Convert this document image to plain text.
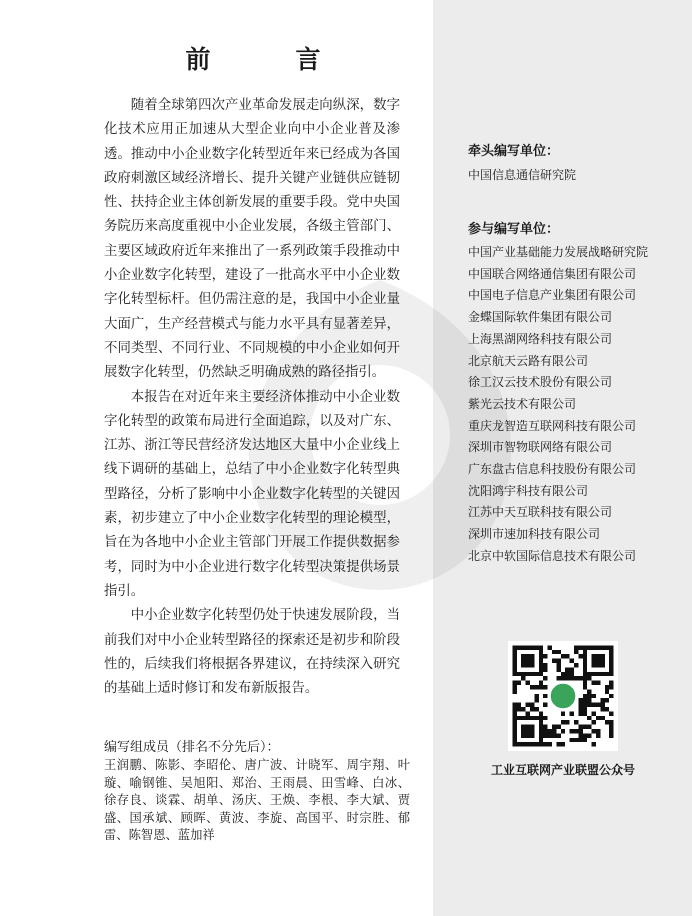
前　言

随着全球第四次产业革命发展走向纵深，数字化技术应用正加速从大型企业向中小企业普及渗透。推动中小企业数字化转型近年来已经成为各国政府刺激区域经济增长、提升关键产业链供应链韧性、扶持企业主体创新发展的重要手段。党中央国务院历来高度重视中小企业发展，各级主管部门、主要区域政府近年来推出了一系列政策手段推动中小企业数字化转型，建设了一批高水平中小企业数字化转型标杆。但仍需注意的是，我国中小企业量大面广，生产经营模式与能力水平具有显著差异，不同类型、不同行业、不同规模的中小企业如何开展数字化转型，仍然缺乏明确成熟的路径指引。

本报告在对近年来主要经济体推动中小企业数字化转型的政策布局进行全面追踪，以及对广东、江苏、浙江等民营经济发达地区大量中小企业线上线下调研的基础上，总结了中小企业数字化转型典型路径，分析了影响中小企业数字化转型的关键因素，初步建立了中小企业数字化转型的理论模型，旨在为各地中小企业主管部门开展工作提供数据参考，同时为中小企业进行数字化转型决策提供场景指引。

中小企业数字化转型仍处于快速发展阶段，当前我们对中小企业转型路径的探索还是初步和阶段性的，后续我们将根据各界建议，在持续深入研究的基础上适时修订和发布新版报告。

编写组成员（排名不分先后）：
王润鹏、陈影、李昭伦、唐广波、计晓军、周宇翔、叶璇、喻钢锥、吴旭阳、郑治、王雨晨、田雪峰、白冰、徐存良、谈霖、胡单、汤庆、王焕、李根、李大斌、贾盛、国承斌、顾晖、黄波、李旋、高国平、时宗胜、郁雷、陈智恩、蓝加祥
牵头编写单位：
中国信息通信研究院
参与编写单位：
中国产业基础能力发展战略研究院
中国联合网络通信集团有限公司
中国电子信息产业集团有限公司
金蝶国际软件集团有限公司
上海黑湖网络科技有限公司
北京航天云路有限公司
徐工汉云技术股份有限公司
紫光云技术有限公司
重庆龙智造互联网科技有限公司
深圳市智物联网络有限公司
广东盘古信息科技股份有限公司
沈阳鸿宇科技有限公司
江苏中天互联科技有限公司
深圳市速加科技有限公司
北京中软国际信息技术有限公司
工业互联网产业联盟公众号
